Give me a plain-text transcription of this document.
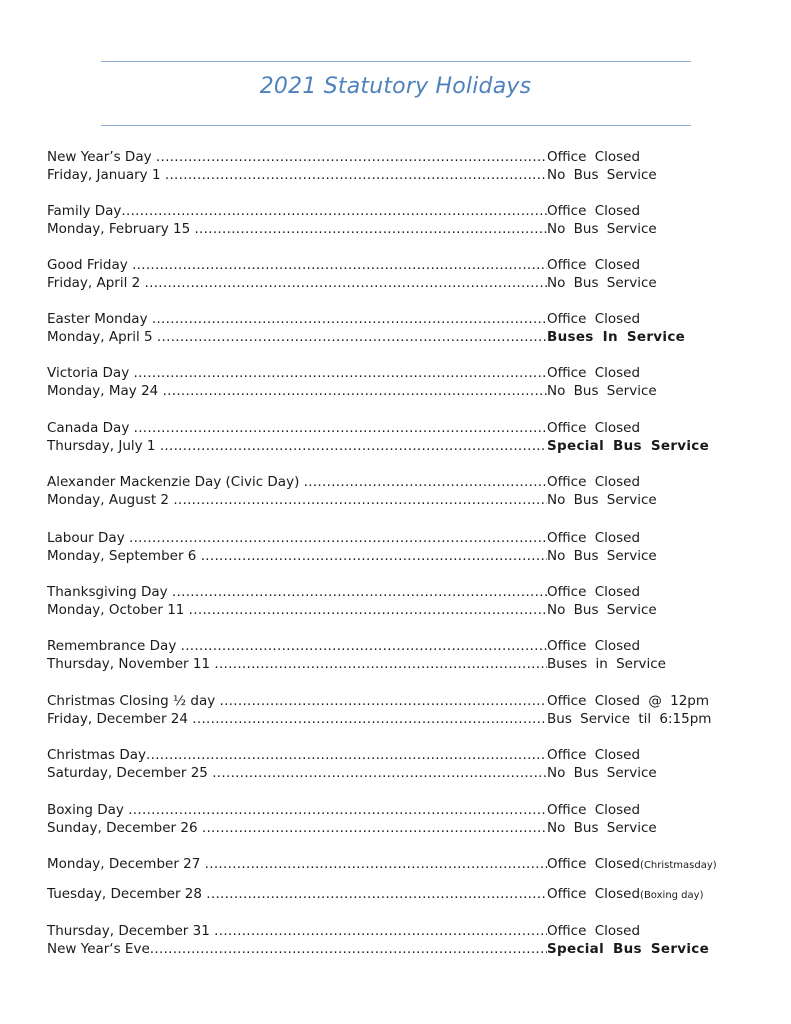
2021 Statutory Holidays
New Year’s Day .....	Office Closed
Friday, January 1 .....	No Bus Service
Family Day .....	Office Closed
Monday, February 15 .....	No Bus Service
Good Friday .....	Office Closed
Friday, April 2 .....	No Bus Service
Easter Monday .....	Office Closed
Monday, April 5 .....	Buses In Service
Victoria Day .....	Office Closed
Monday, May 24 .....	No Bus Service
Canada Day .....	Office Closed
Thursday, July 1 .....	Special Bus Service
Alexander Mackenzie Day (Civic Day) .....	Office Closed
Monday, August 2 .....	No Bus Service
Labour Day .....	Office Closed
Monday, September 6 .....	No Bus Service
Thanksgiving Day .....	Office Closed
Monday, October 11 .....	No Bus Service
Remembrance Day .....	Office Closed
Thursday, November 11 .....	Buses in Service
Christmas Closing ½ day .....	Office Closed @ 12pm
Friday, December 24 .....	Bus Service til 6:15pm
Christmas Day .....	Office Closed
Saturday, December 25 .....	No Bus Service
Boxing Day .....	Office Closed
Sunday, December 26 .....	No Bus Service
Monday, December 27 .....	Office Closed(Christmasday)
Tuesday, December 28 .....	Office Closed(Boxing day)
Thursday, December 31 .....	Office Closed
New Year‘s Eve .....	Special Bus Service
